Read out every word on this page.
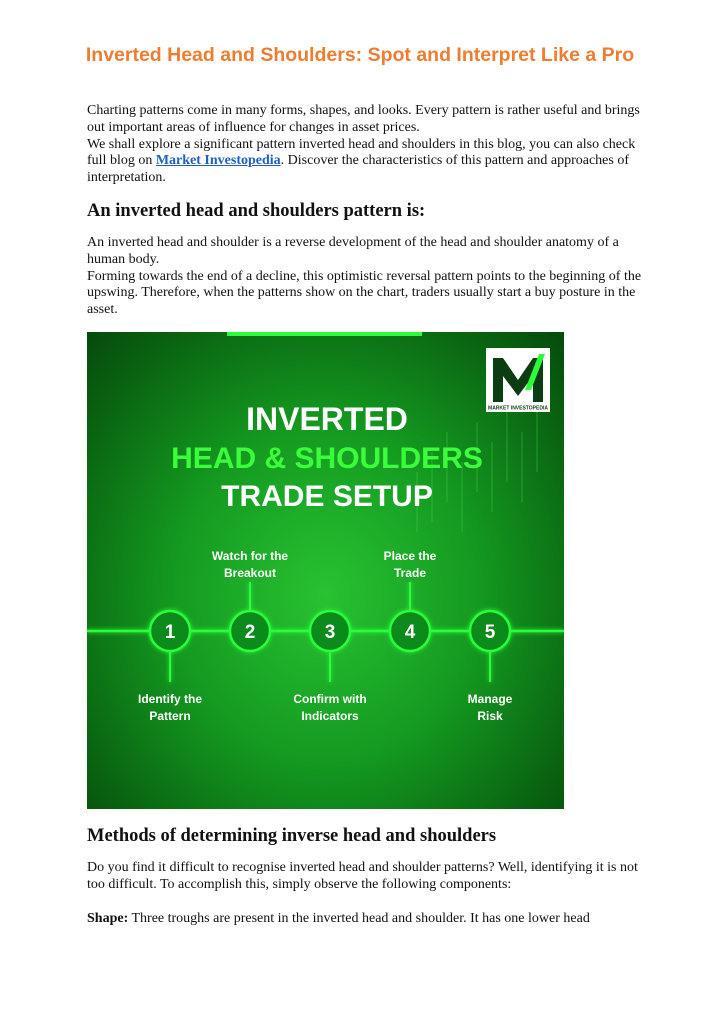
Inverted Head and Shoulders: Spot and Interpret Like a Pro

Charting patterns come in many forms, shapes, and looks. Every pattern is rather useful and brings out important areas of influence for changes in asset prices.

We shall explore a significant pattern inverted head and shoulders in this blog, you can also check full blog on Market Investopedia. Discover the characteristics of this pattern and approaches of interpretation.

An inverted head and shoulders pattern is:

An inverted head and shoulder is a reverse development of the head and shoulder anatomy of a human body.

Forming towards the end of a decline, this optimistic reversal pattern points to the beginning of the upswing. Therefore, when the patterns show on the chart, traders usually start a buy posture in the asset.

MARKET INVESTOPEDIA
INVERTED
HEAD & SHOULDERS
TRADE SETUP
1
Identify the
Pattern
2
Watch for the
Breakout
3
Confirm with
Indicators
4
Place the
Trade
5
Manage
Risk
Methods of determining inverse head and shoulders

Do you find it difficult to recognise inverted head and shoulder patterns? Well, identifying it is not too difficult. To accomplish this, simply observe the following components:

Shape: Three troughs are present in the inverted head and shoulder. It has one lower head
